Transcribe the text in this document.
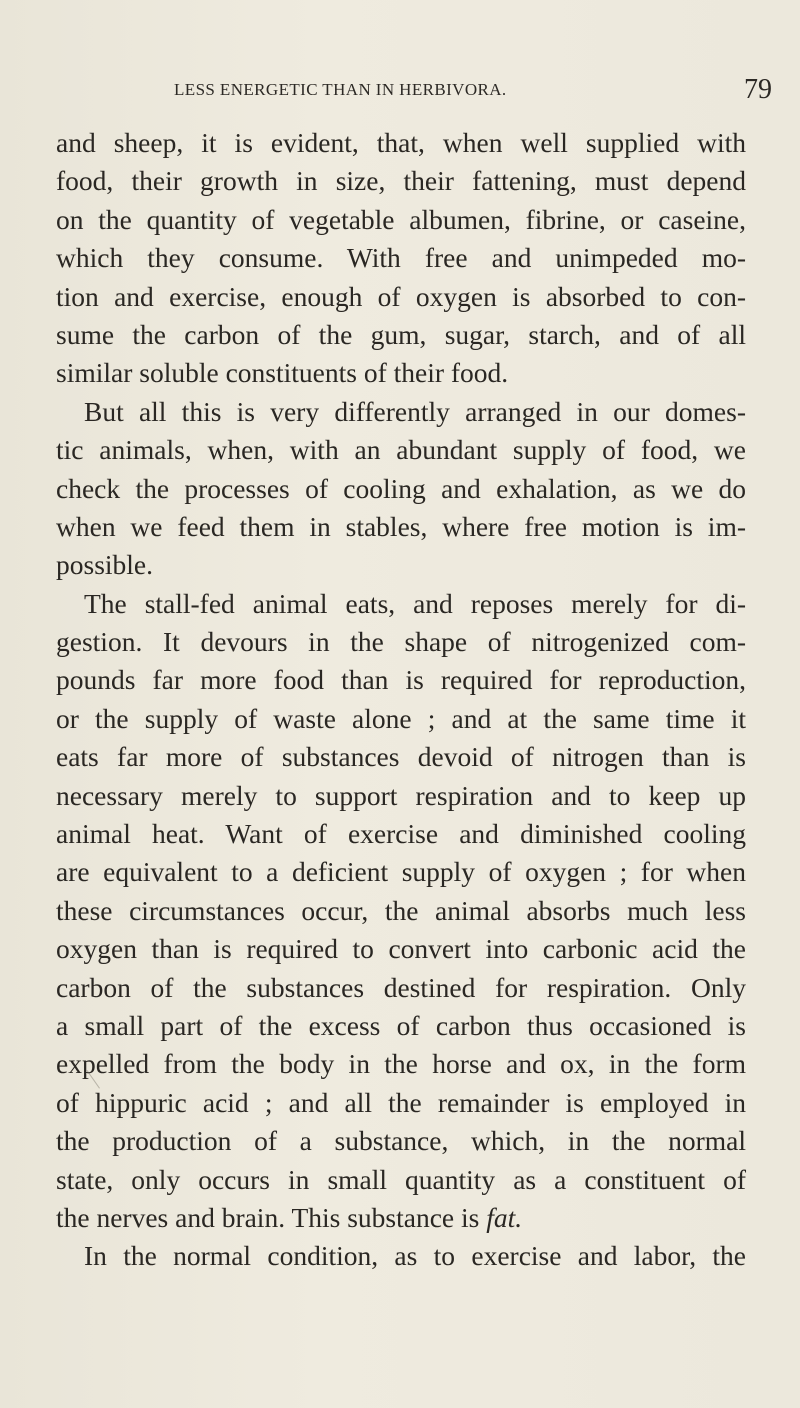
LESS ENERGETIC THAN IN HERBIVORA.	79
and sheep, it is evident, that, when well supplied with
food, their growth in size, their fattening, must depend
on the quantity of vegetable albumen, fibrine, or caseine,
which they consume. With free and unimpeded mo-
tion and exercise, enough of oxygen is absorbed to con-
sume the carbon of the gum, sugar, starch, and of all
similar soluble constituents of their food.
But all this is very differently arranged in our domes-
tic animals, when, with an abundant supply of food, we
check the processes of cooling and exhalation, as we do
when we feed them in stables, where free motion is im-
possible.
The stall-fed animal eats, and reposes merely for di-
gestion. It devours in the shape of nitrogenized com-
pounds far more food than is required for reproduction,
or the supply of waste alone ; and at the same time it
eats far more of substances devoid of nitrogen than is
necessary merely to support respiration and to keep up
animal heat. Want of exercise and diminished cooling
are equivalent to a deficient supply of oxygen ; for when
these circumstances occur, the animal absorbs much less
oxygen than is required to convert into carbonic acid the
carbon of the substances destined for respiration. Only
a small part of the excess of carbon thus occasioned is
expelled from the body in the horse and ox, in the form
of hippuric acid ; and all the remainder is employed in
the production of a substance, which, in the normal
state, only occurs in small quantity as a constituent of
the nerves and brain. This substance is fat.
In the normal condition, as to exercise and labor, the
